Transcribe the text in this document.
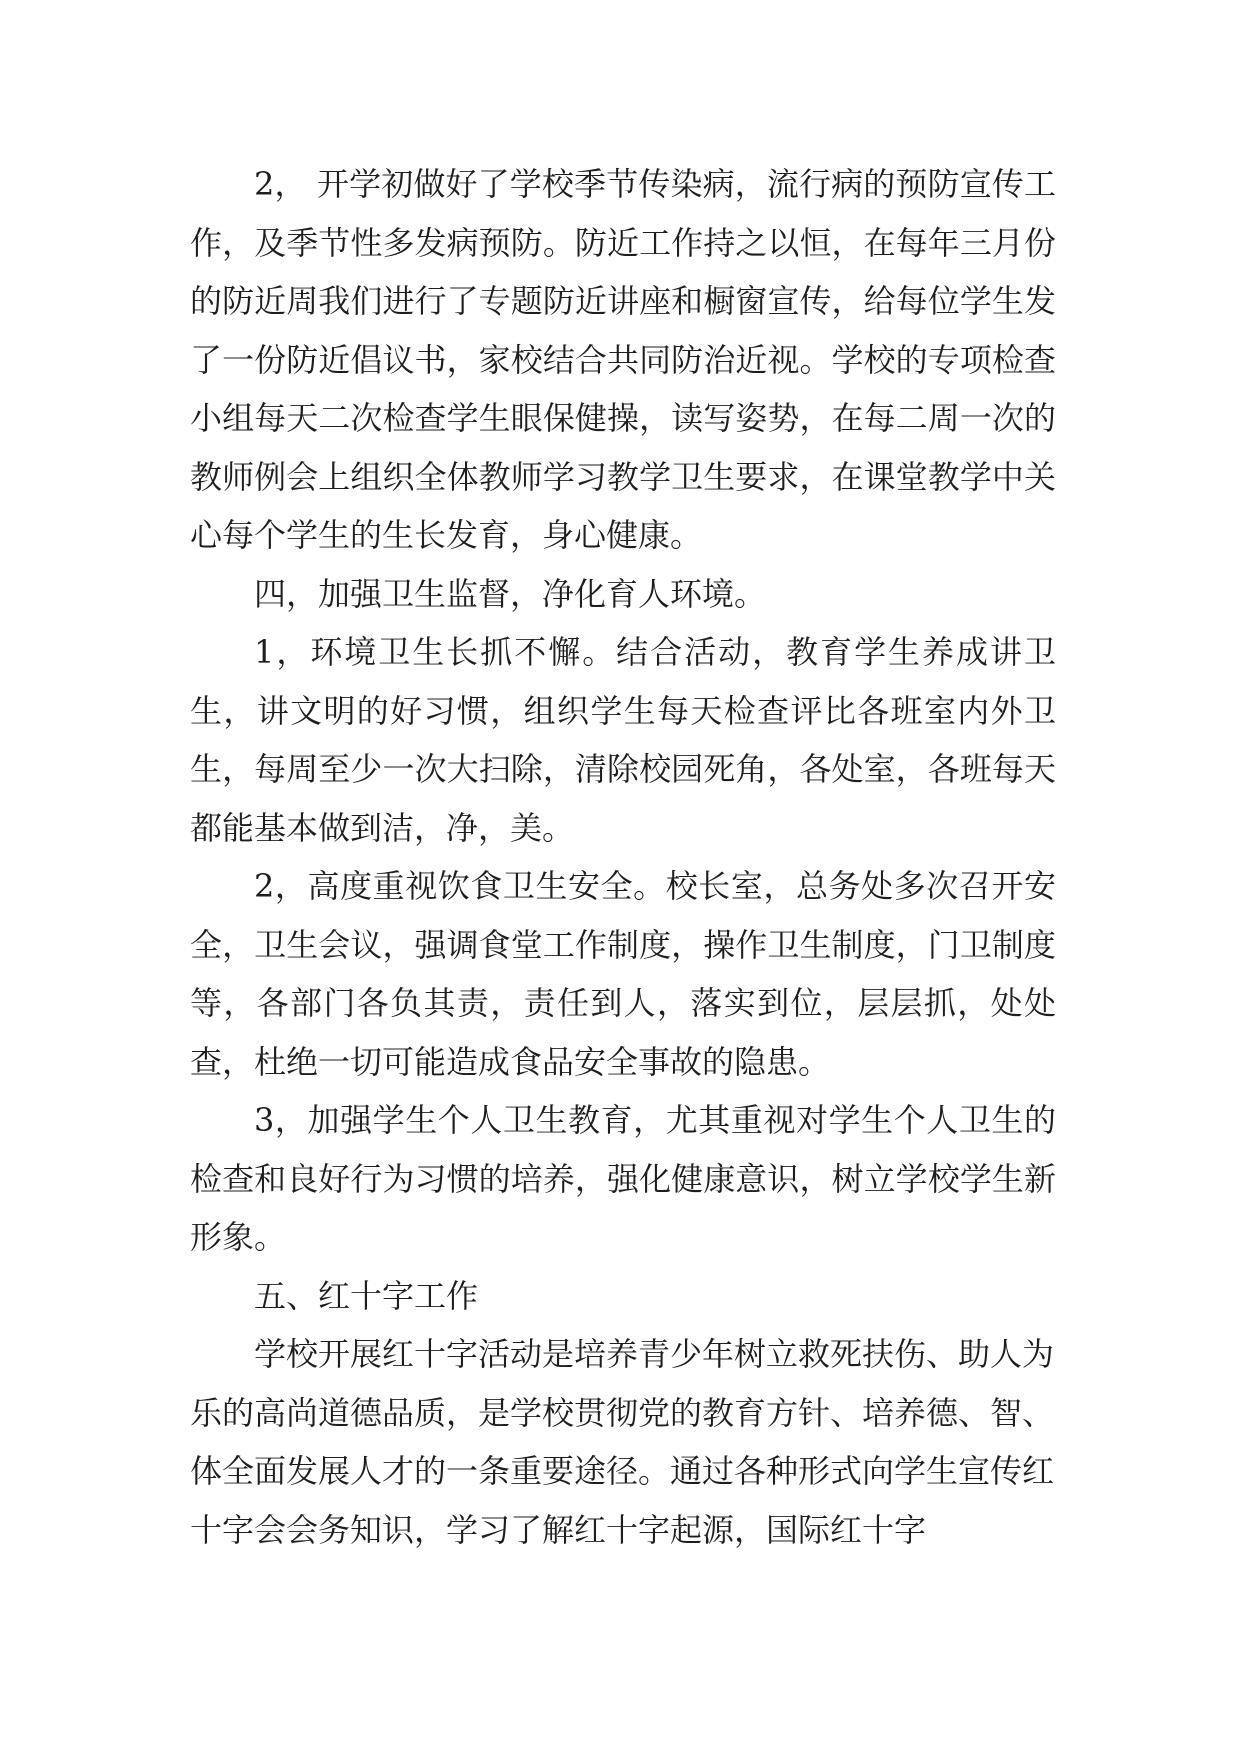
2， 开学初做好了学校季节传染病，流行病的预防宣传工作，及季节性多发病预防。防近工作持之以恒，在每年三月份的防近周我们进行了专题防近讲座和橱窗宣传，给每位学生发了一份防近倡议书，家校结合共同防治近视。学校的专项检查小组每天二次检查学生眼保健操，读写姿势，在每二周一次的教师例会上组织全体教师学习教学卫生要求，在课堂教学中关心每个学生的生长发育，身心健康。

四，加强卫生监督，净化育人环境。

1，环境卫生长抓不懈。结合活动，教育学生养成讲卫生，讲文明的好习惯，组织学生每天检查评比各班室内外卫生，每周至少一次大扫除，清除校园死角，各处室，各班每天都能基本做到洁，净，美。

2，高度重视饮食卫生安全。校长室，总务处多次召开安全，卫生会议，强调食堂工作制度，操作卫生制度，门卫制度等，各部门各负其责，责任到人，落实到位，层层抓，处处查，杜绝一切可能造成食品安全事故的隐患。

3，加强学生个人卫生教育，尤其重视对学生个人卫生的检查和良好行为习惯的培养，强化健康意识，树立学校学生新形象。

五、红十字工作

学校开展红十字活动是培养青少年树立救死扶伤、助人为乐的高尚道德品质，是学校贯彻党的教育方针、培养德、智、体全面发展人才的一条重要途径。通过各种形式向学生宣传红十字会会务知识，学习了解红十字起源，国际红十字
